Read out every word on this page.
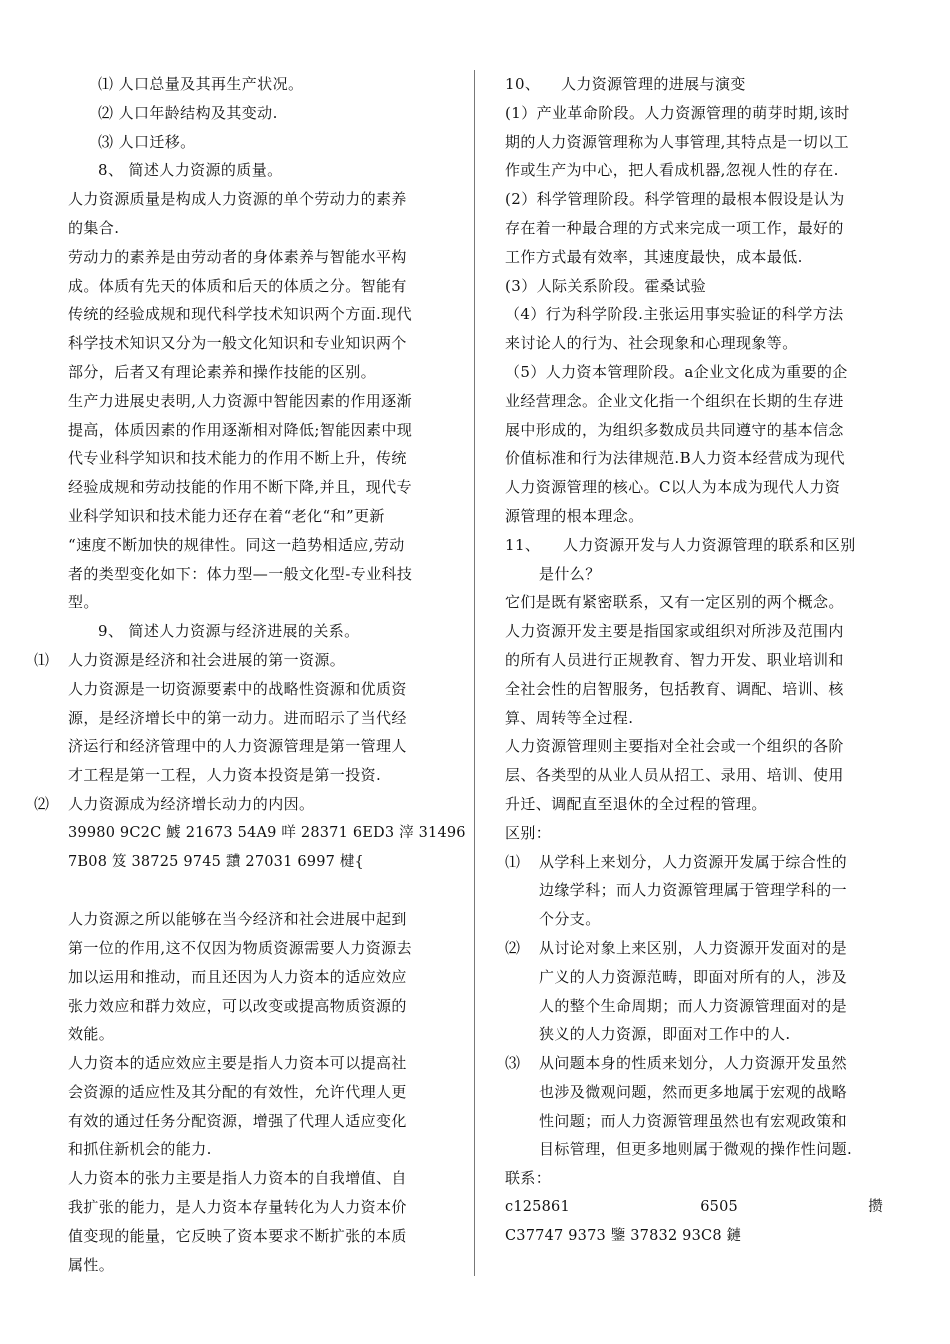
⑴ 人口总量及其再生产状况。
⑵ 人口年龄结构及其变动.
⑶ 人口迁移。
8、 简述人力资源的质量。
人力资源质量是构成人力资源的单个劳动力的素养
的集合.
劳动力的素养是由劳动者的身体素养与智能水平构
成。体质有先天的体质和后天的体质之分。智能有
传统的经验成规和现代科学技术知识两个方面.现代
科学技术知识又分为一般文化知识和专业知识两个
部分，后者又有理论素养和操作技能的区别。
生产力进展史表明,人力资源中智能因素的作用逐渐
提高，体质因素的作用逐渐相对降低;智能因素中现
代专业科学知识和技术能力的作用不断上升，传统
经验成规和劳动技能的作用不断下降,并且，现代专
业科学知识和技术能力还存在着“老化“和”更新
“速度不断加快的规律性。同这一趋势相适应,劳动
者的类型变化如下：体力型—一般文化型-专业科技
型。
9、 简述人力资源与经济进展的关系。
⑴	人力资源是经济和社会进展的第一资源。
人力资源是一切资源要素中的战略性资源和优质资
源，是经济增长中的第一动力。进而昭示了当代经
济运行和经济管理中的人力资源管理是第一管理人
才工程是第一工程，人力资本投资是第一投资.
⑵	人力资源成为经济增长动力的内因。
39980 9C2C 鰬 21673 54A9 咩 28371 6ED3 滓 31496
7B08 笈 38725 9745 靅 27031 6997 楗{
人力资源之所以能够在当今经济和社会进展中起到
第一位的作用,这不仅因为物质资源需要人力资源去
加以运用和推动，而且还因为人力资本的适应效应
张力效应和群力效应，可以改变或提高物质资源的
效能。
人力资本的适应效应主要是指人力资本可以提高社
会资源的适应性及其分配的有效性，允许代理人更
有效的通过任务分配资源，增强了代理人适应变化
和抓住新机会的能力.
人力资本的张力主要是指人力资本的自我增值、自
我扩张的能力，是人力资本存量转化为人力资本价
值变现的能量，它反映了资本要求不断扩张的本质
属性。
10、    人力资源管理的进展与演变
(1）产业革命阶段。人力资源管理的萌芽时期,该时
期的人力资源管理称为人事管理,其特点是一切以工
作或生产为中心，把人看成机器,忽视人性的存在.
(2）科学管理阶段。科学管理的最根本假设是认为
存在着一种最合理的方式来完成一项工作，最好的
工作方式最有效率，其速度最快，成本最低.
(3）人际关系阶段。霍桑试验
（4）行为科学阶段.主张运用事实验证的科学方法
来讨论人的行为、社会现象和心理现象等。
（5）人力资本管理阶段。a企业文化成为重要的企
业经营理念。企业文化指一个组织在长期的生存进
展中形成的，为组织多数成员共同遵守的基本信念
价值标准和行为法律规范.B人力资本经营成为现代
人力资源管理的核心。C以人为本成为现代人力资
源管理的根本理念。
11、 人力资源开发与人力资源管理的联系和区别
是什么？
它们是既有紧密联系，又有一定区别的两个概念。
人力资源开发主要是指国家或组织对所涉及范围内
的所有人员进行正规教育、智力开发、职业培训和
全社会性的启智服务，包括教育、调配、培训、核
算、周转等全过程.
人力资源管理则主要指对全社会或一个组织的各阶
层、各类型的从业人员从招工、录用、培训、使用
升迁、调配直至退休的全过程的管理。
区别：
⑴	从学科上来划分，人力资源开发属于综合性的
边缘学科；而人力资源管理属于管理学科的一
个分支。
⑵	从讨论对象上来区别，人力资源开发面对的是
广义的人力资源范畴，即面对所有的人，涉及
人的整个生命周期；而人力资源管理面对的是
狭义的人力资源，即面对工作中的人.
⑶	从问题本身的性质来划分，人力资源开发虽然
也涉及微观问题，然而更多地属于宏观的战略
性问题；而人力资源管理虽然也有宏观政策和
目标管理，但更多地则属于微观的操作性问题.
联系：
c125861	6505	攒
C37747 9373 鑒 37832 93C8 鏈
